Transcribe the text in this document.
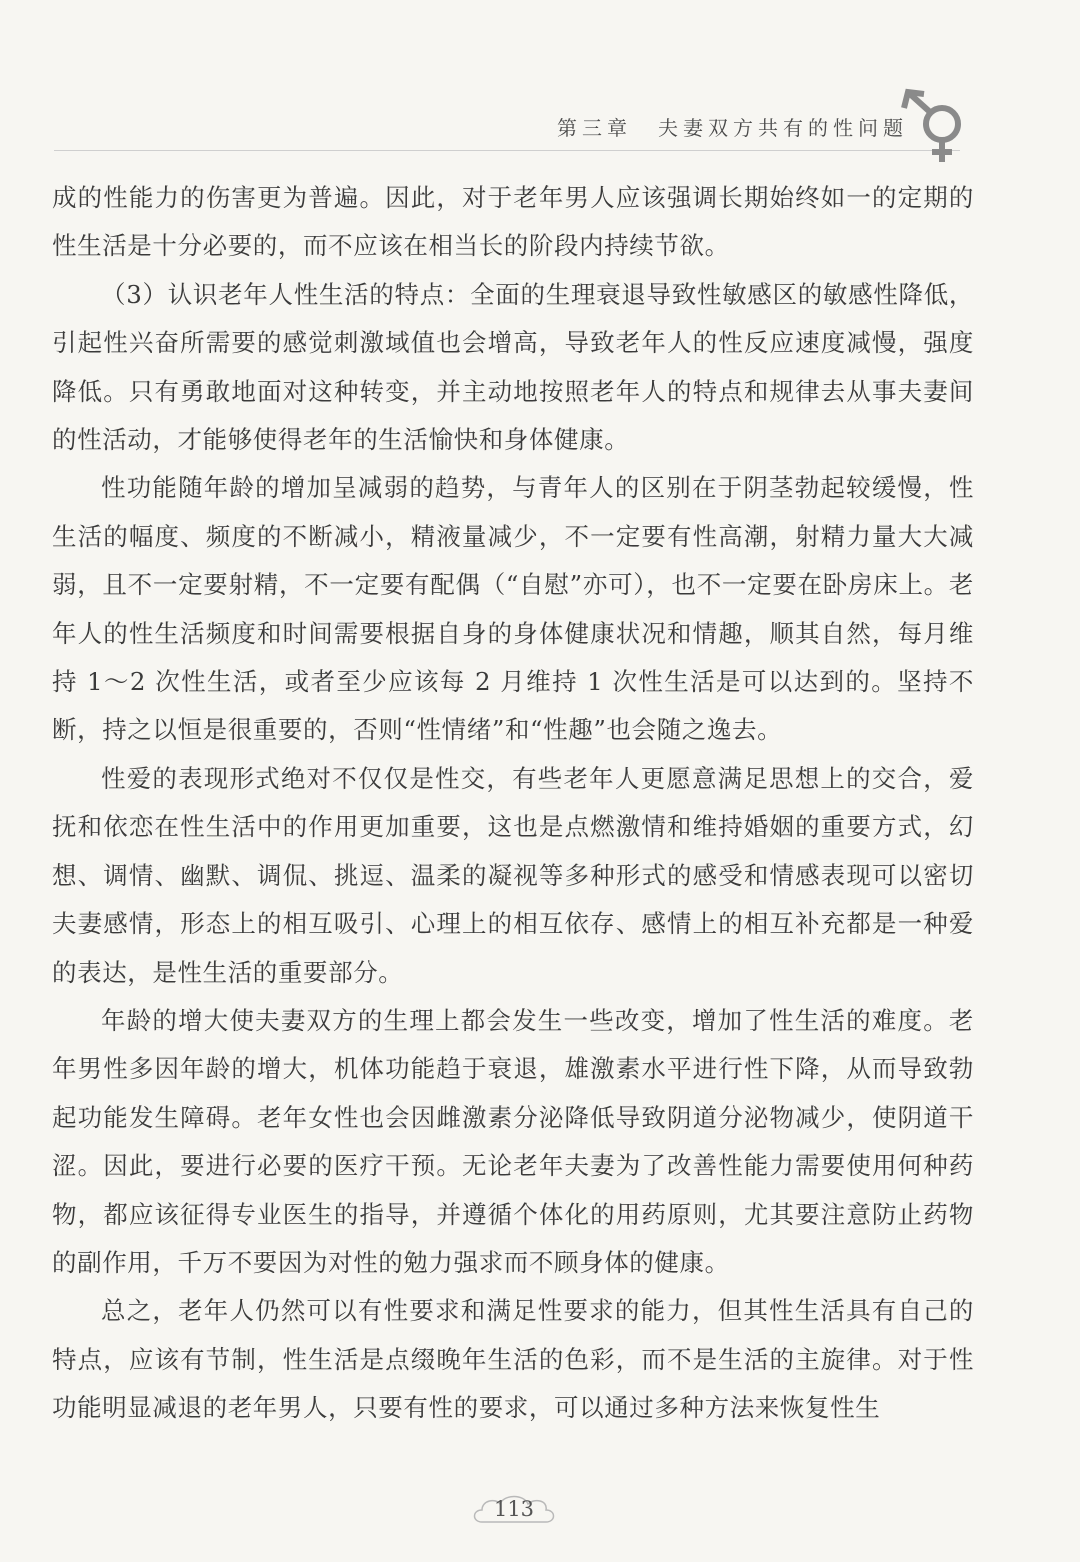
第三章 夫妻双方共有的性问题

成的性能力的伤害更为普遍。因此，对于老年男人应该强调长期始终如一的定期的性生活是十分必要的，而不应该在相当长的阶段内持续节欲。

（3）认识老年人性生活的特点：全面的生理衰退导致性敏感区的敏感性降低，引起性兴奋所需要的感觉刺激域值也会增高，导致老年人的性反应速度减慢，强度降低。只有勇敢地面对这种转变，并主动地按照老年人的特点和规律去从事夫妻间的性活动，才能够使得老年的生活愉快和身体健康。

性功能随年龄的增加呈减弱的趋势，与青年人的区别在于阴茎勃起较缓慢，性生活的幅度、频度的不断减小，精液量减少，不一定要有性高潮，射精力量大大减弱，且不一定要射精，不一定要有配偶（“自慰”亦可），也不一定要在卧房床上。老年人的性生活频度和时间需要根据自身的身体健康状况和情趣，顺其自然，每月维持 1～2 次性生活，或者至少应该每 2 月维持 1 次性生活是可以达到的。坚持不断，持之以恒是很重要的，否则“性情绪”和“性趣”也会随之逸去。

性爱的表现形式绝对不仅仅是性交，有些老年人更愿意满足思想上的交合，爱抚和依恋在性生活中的作用更加重要，这也是点燃激情和维持婚姻的重要方式，幻想、调情、幽默、调侃、挑逗、温柔的凝视等多种形式的感受和情感表现可以密切夫妻感情，形态上的相互吸引、心理上的相互依存、感情上的相互补充都是一种爱的表达，是性生活的重要部分。

年龄的增大使夫妻双方的生理上都会发生一些改变，增加了性生活的难度。老年男性多因年龄的增大，机体功能趋于衰退，雄激素水平进行性下降，从而导致勃起功能发生障碍。老年女性也会因雌激素分泌降低导致阴道分泌物减少，使阴道干涩。因此，要进行必要的医疗干预。无论老年夫妻为了改善性能力需要使用何种药物，都应该征得专业医生的指导，并遵循个体化的用药原则，尤其要注意防止药物的副作用，千万不要因为对性的勉力强求而不顾身体的健康。

总之，老年人仍然可以有性要求和满足性要求的能力，但其性生活具有自己的特点，应该有节制，性生活是点缀晚年生活的色彩，而不是生活的主旋律。对于性功能明显减退的老年男人，只要有性的要求，可以通过多种方法来恢复性生

113
